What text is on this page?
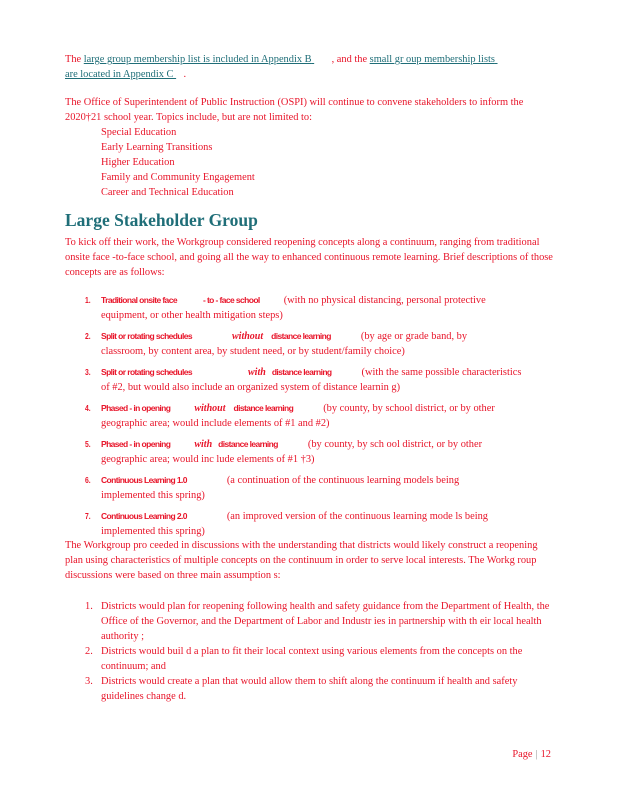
The large group membership list is included in Appendix B , and the small gr oup membership lists
are located in Appendix C .
The Office of Superintendent of Public Instruction (OSPI) will continue to convene stakeholders to inform the 2020†21 school year. Topics include, but are not limited to:
Special Education
Early Learning Transitions
Higher Education
Family and Community Engagement
Career and Technical Education
Large Stakeholder Group
To kick off their work, the Workgroup considered reopening concepts along a continuum, ranging from traditional onsite face -to-face school, and going all the way to enhanced continuous remote learning. Brief descriptions of those concepts are as follows:
1. Traditional onsite face	- to - face school (with no physical distancing, personal protective
equipment, or other health mitigation steps)
2. Split or rotating schedules	without distance learning	(by age or grade band, by
classroom, by content area, by student need, or by student/family choice)
3. Split or rotating schedules	with distance learning	(with the same possible characteristics
of #2, but would also include an organized system of distance learnin g)
4. Phased - in opening without distance learning	(by county, by school district, or by other
geographic area; would include elements of #1 and #2)
5. Phased - in opening with distance learning	(by county, by sch ool district, or by other
geographic area; would inc lude elements of #1 †3)
6. Continuous Learning 1.0	(a continuation of the continuous learning models being
implemented this spring)
7. Continuous Learning 2.0	(an improved version of the continuous learning mode ls being
implemented this spring)
The Workgroup pro ceeded in discussions with the understanding that districts would likely construct a reopening plan using characteristics of multiple concepts on the continuum in order to serve local interests. The Workg roup discussions were based on three main assumption s:
1. Districts would plan for reopening following health and safety guidance from the Department of Health, the Office of the Governor, and the Department of Labor and Industr ies in partnership with th eir local health authority ;
2. Districts would buil d a plan to fit their local context using various elements from the concepts on the continuum; and
3. Districts would create a plan that would allow them to shift along the continuum if health and safety guidelines change d.
Page | 12
